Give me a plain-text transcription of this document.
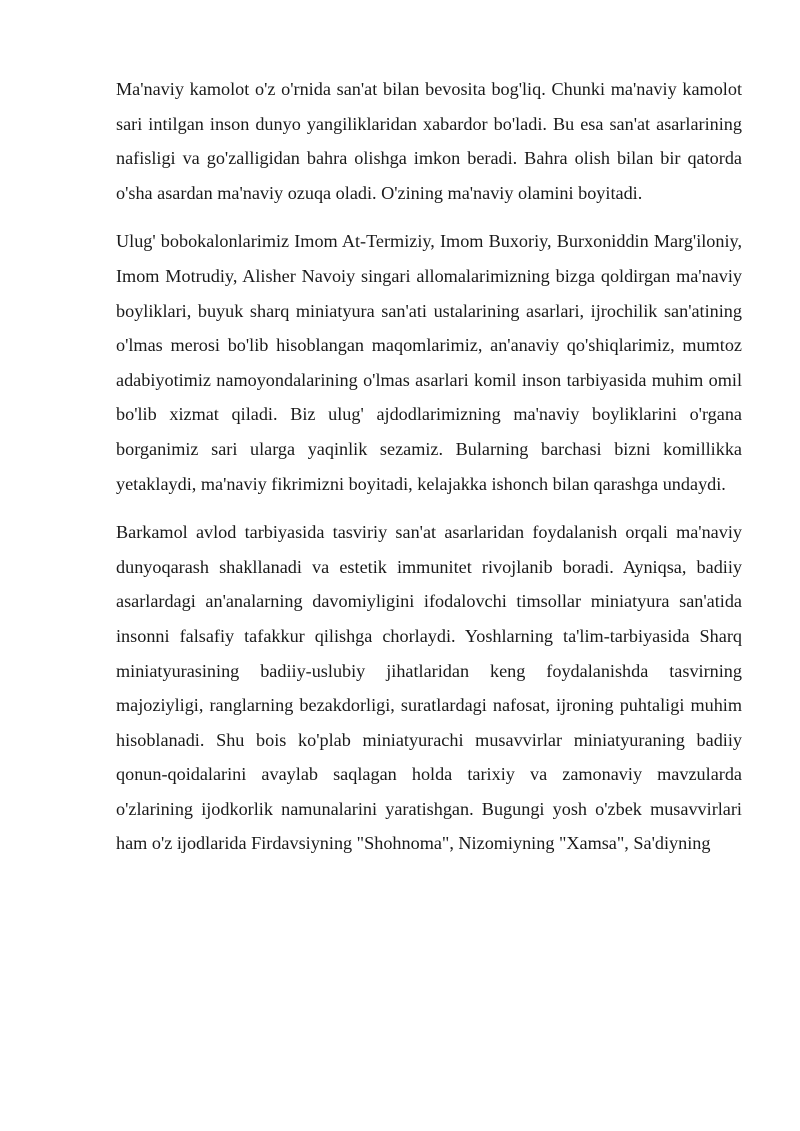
Ma'naviy kamolot o'z o'rnida san'at bilan bevosita bog'liq. Chunki ma'naviy kamolot sari intilgan inson dunyo yangiliklaridan xabardor bo'ladi. Bu esa san'at asarlarining nafisligi va go'zalligidan bahra olishga imkon beradi. Bahra olish bilan bir qatorda o'sha asardan ma'naviy ozuqa oladi. O'zining ma'naviy olamini boyitadi.

Ulug' bobokalonlarimiz Imom At-Termiziy, Imom Buxoriy, Burxoniddin Marg'iloniy, Imom Motrudiy, Alisher Navoiy singari allomalarimizning bizga qoldirgan ma'naviy boyliklari, buyuk sharq miniatyura san'ati ustalarining asarlari, ijrochilik san'atining o'lmas merosi bo'lib hisoblangan maqomlarimiz, an'anaviy qo'shiqlarimiz, mumtoz adabiyotimiz namoyondalarining o'lmas asarlari komil inson tarbiyasida muhim omil bo'lib xizmat qiladi. Biz ulug' ajdodlarimizning ma'naviy boyliklarini o'rgana borganimiz sari ularga yaqinlik sezamiz. Bularning barchasi bizni komillikka yetaklaydi, ma'naviy fikrimizni boyitadi, kelajakka ishonch bilan qarashga undaydi.

Barkamol avlod tarbiyasida tasviriy san'at asarlaridan foydalanish orqali ma'naviy dunyoqarash shakllanadi va estetik immunitet rivojlanib boradi. Ayniqsa, badiiy asarlardagi an'analarning davomiyligini ifodalovchi timsollar miniatyura san'atida insonni falsafiy tafakkur qilishga chorlaydi. Yoshlarning ta'lim-tarbiyasida Sharq miniatyurasining badiiy-uslubiy jihatlaridan keng foydalanishda tasvirning majoziyligi, ranglarning bezakdorligi, suratlardagi nafosat, ijroning puhtaligi muhim hisoblanadi. Shu bois ko'plab miniatyurachi musavvirlar miniatyuraning badiiy qonun-qoidalarini avaylab saqlagan holda tarixiy va zamonaviy mavzularda o'zlarining ijodkorlik namunalarini yaratishgan. Bugungi yosh o'zbek musavvirlari ham o'z ijodlarida Firdavsiyning "Shohnoma", Nizomiyning "Xamsa", Sa'diyning
